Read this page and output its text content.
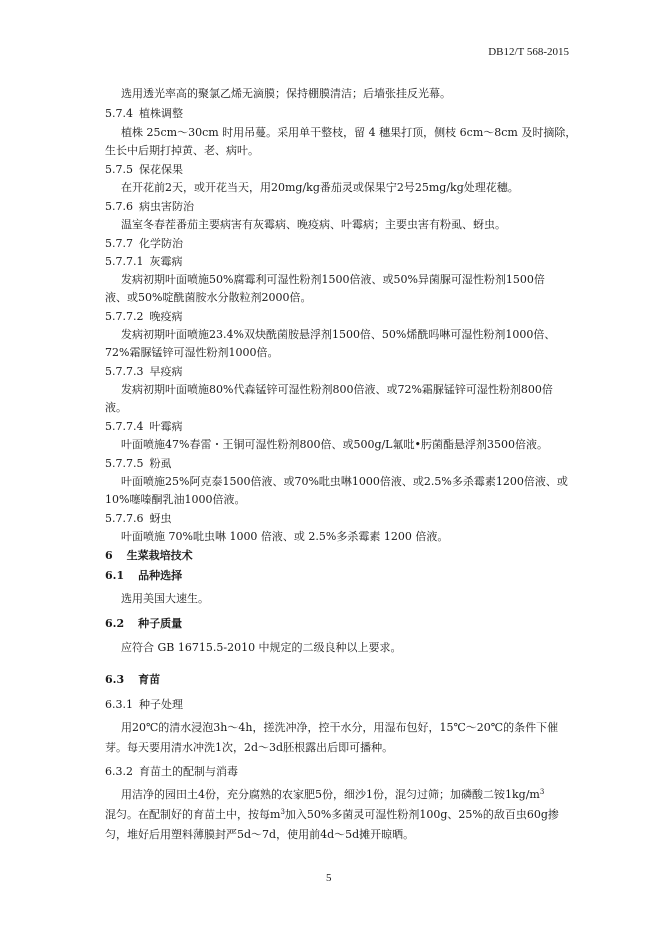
DB12/T 568-2015
选用透光率高的聚氯乙烯无滴膜；保持棚膜清洁；后墙张挂反光幕。
5.7.4 植株调整
植株 25cm～30cm 时用吊蔓。采用单干整枝，留 4 穗果打顶，侧枝 6cm～8cm 及时摘除，
生长中后期打掉黄、老、病叶。
5.7.5 保花保果
在开花前2天，或开花当天，用20mg/kg番茄灵或保果宁2号25mg/kg处理花穗。
5.7.6 病虫害防治
温室冬春茬番茄主要病害有灰霉病、晚疫病、叶霉病；主要虫害有粉虱、蚜虫。
5.7.7 化学防治
5.7.7.1 灰霉病
发病初期叶面喷施50%腐霉利可湿性粉剂1500倍液、或50%异菌脲可湿性粉剂1500倍
液、或50%啶酰菌胺水分散粒剂2000倍。
5.7.7.2 晚疫病
发病初期叶面喷施23.4%双炔酰菌胺悬浮剂1500倍、50%烯酰吗啉可湿性粉剂1000倍、
72%霜脲锰锌可湿性粉剂1000倍。
5.7.7.3 早疫病
发病初期叶面喷施80%代森锰锌可湿性粉剂800倍液、或72%霜脲锰锌可湿性粉剂800倍
液。
5.7.7.4 叶霉病
叶面喷施47%春雷・王铜可湿性粉剂800倍、或500g/L氟吡•肟菌酯悬浮剂3500倍液。
5.7.7.5 粉虱
叶面喷施25%阿克泰1500倍液、或70%吡虫啉1000倍液、或2.5%多杀霉素1200倍液、或
10%噻嗪酮乳油1000倍液。
5.7.7.6 蚜虫
叶面喷施 70%吡虫啉 1000 倍液、或 2.5%多杀霉素 1200 倍液。
6 生菜栽培技术
6.1 品种选择
选用美国大速生。
6.2 种子质量
应符合 GB 16715.5-2010 中规定的二级良种以上要求。
6.3 育苗
6.3.1 种子处理
用20℃的清水浸泡3h～4h，搓洗冲净，控干水分，用湿布包好，15℃～20℃的条件下催
芽。每天要用清水冲洗1次，2d～3d胚根露出后即可播种。
6.3.2 育苗土的配制与消毒
用洁净的园田土4份，充分腐熟的农家肥5份，细沙1份，混匀过筛；加磷酸二铵$1kg/m^3$
混匀。在配制好的育苗土中，按每$m^3$加入50%多菌灵可湿性粉剂100g、25%的敌百虫60g掺
匀，堆好后用塑料薄膜封严5d～7d，使用前4d～5d摊开晾晒。
5
